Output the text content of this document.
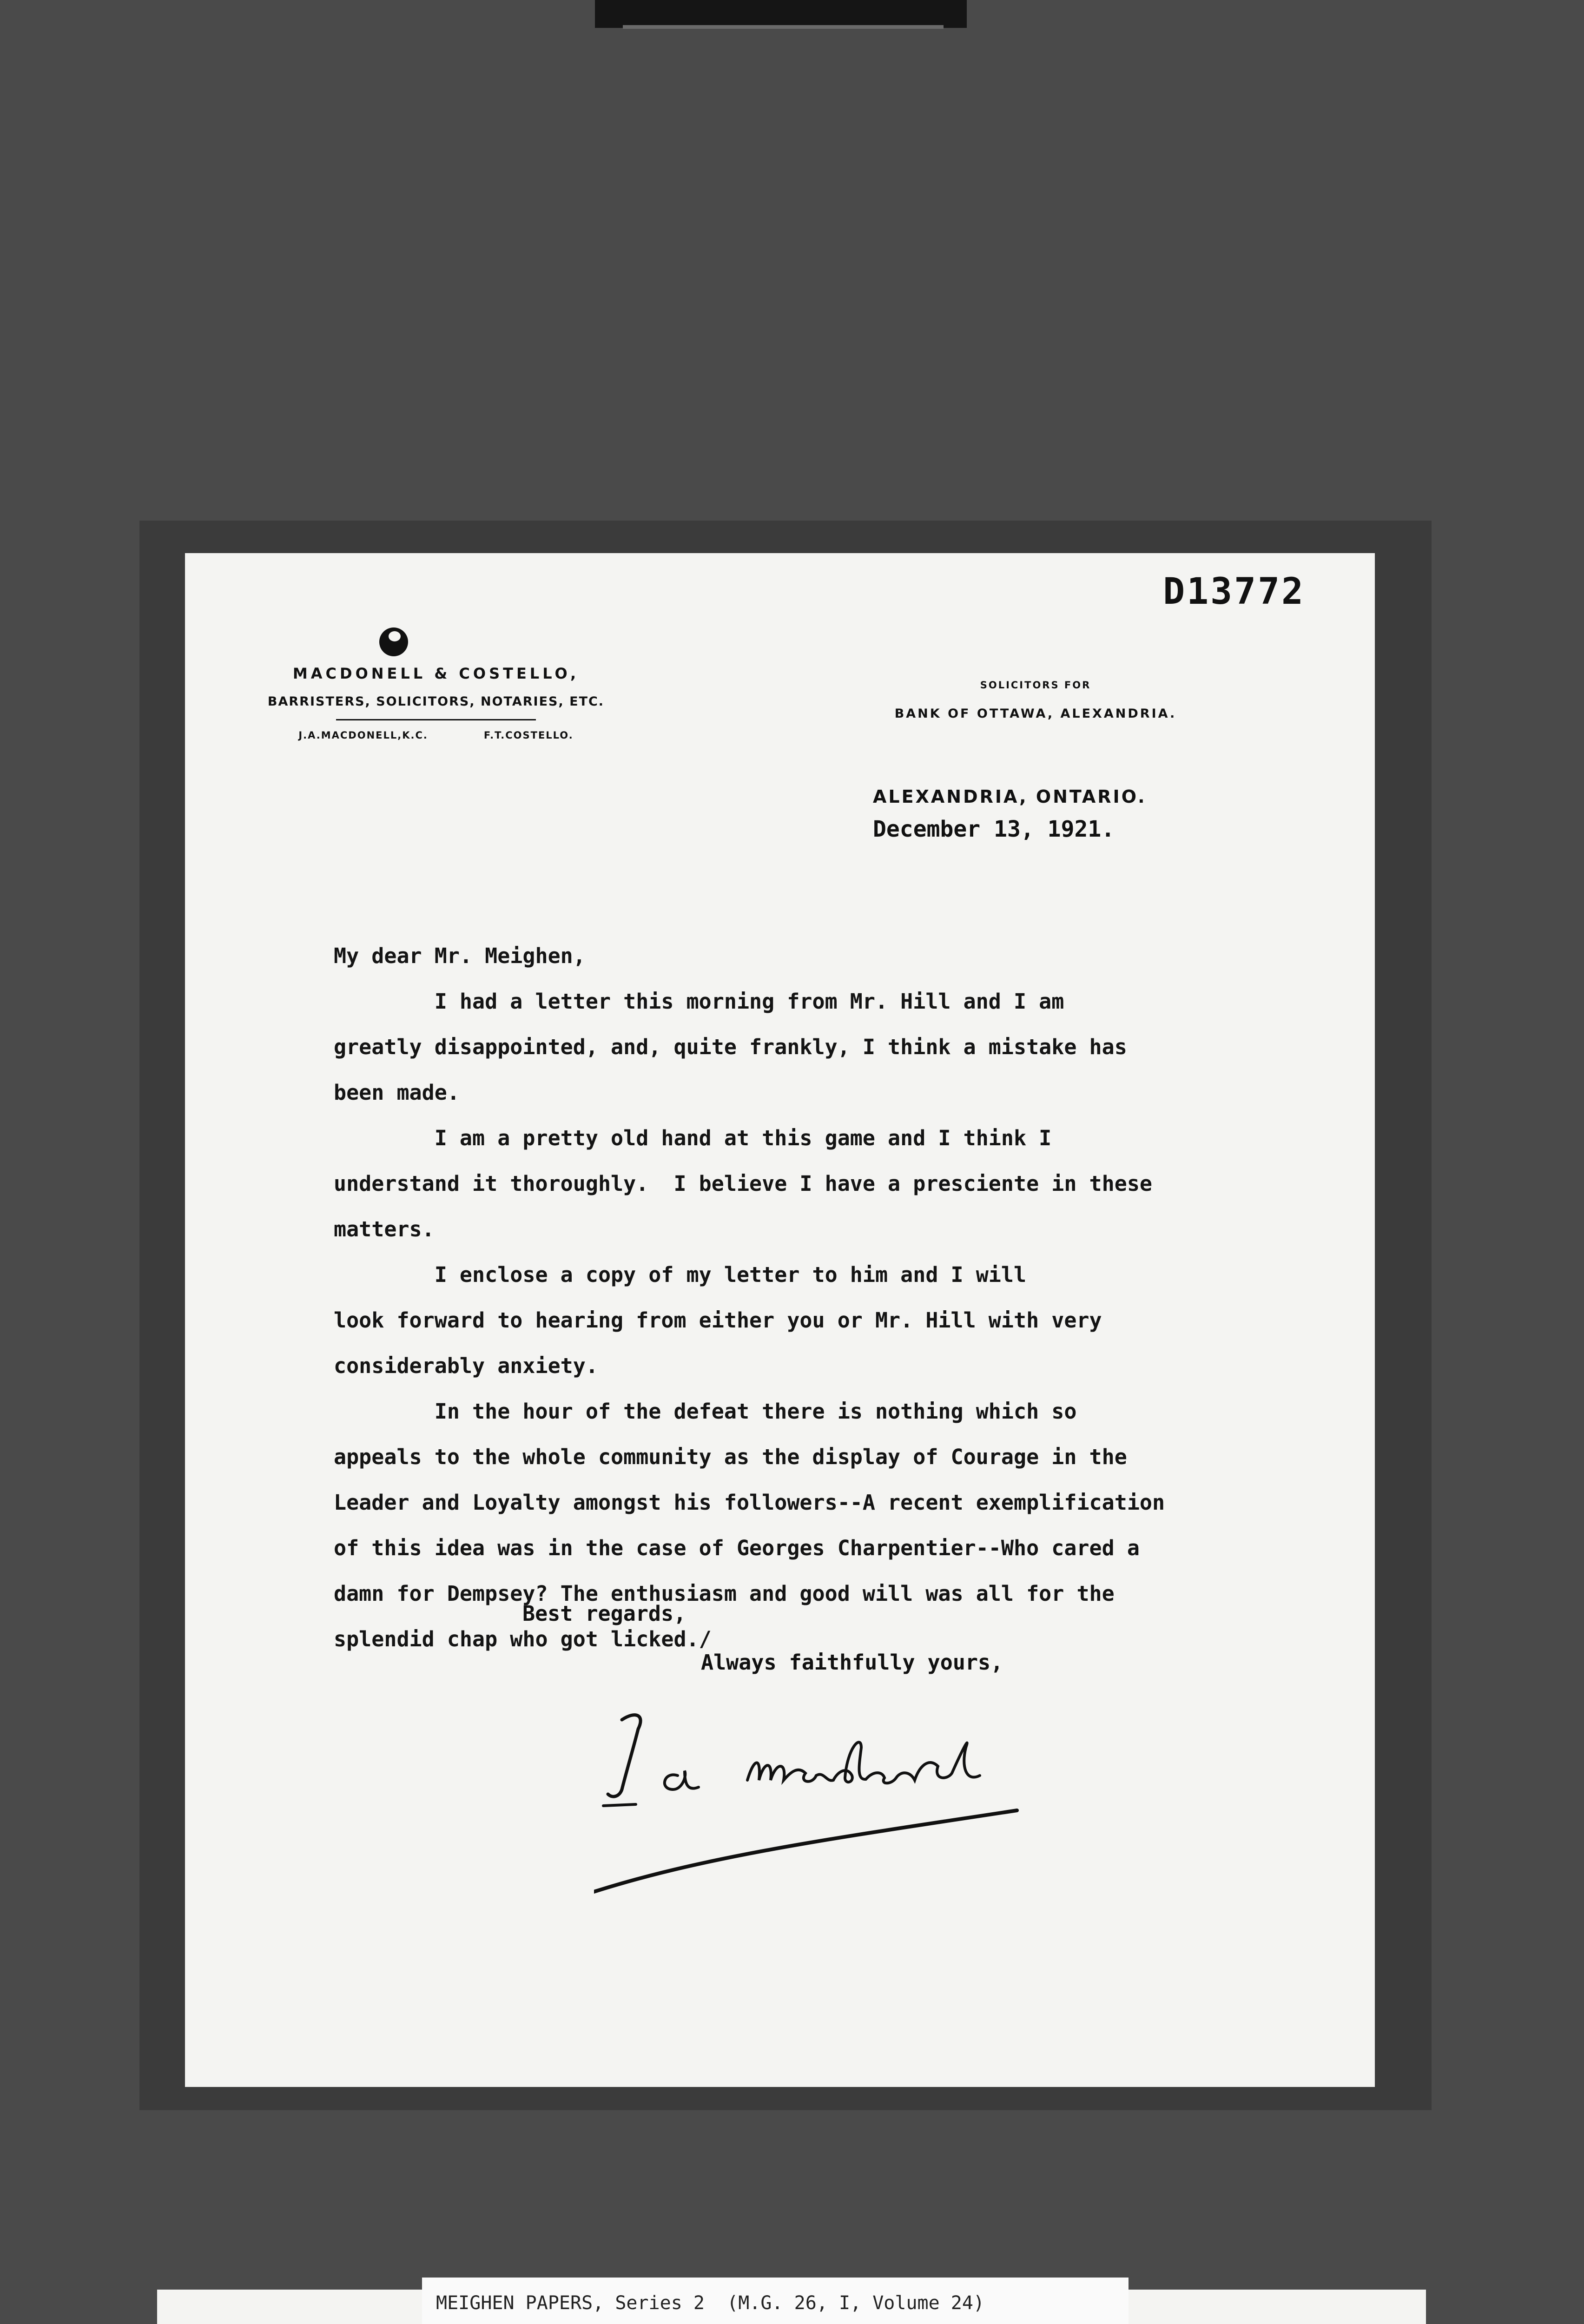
D13772
MACDONELL & COSTELLO,
BARRISTERS, SOLICITORS, NOTARIES, ETC.
J.A.MACDONELL,K.C.	F.T.COSTELLO.
SOLICITORS FOR
BANK OF OTTAWA, ALEXANDRIA.
ALEXANDRIA, ONTARIO.
December 13, 1921.

My dear Mr. Meighen,
I had a letter this morning from Mr. Hill and I am
greatly disappointed, and, quite frankly, I think a mistake has
been made.
I am a pretty old hand at this game and I think I
understand it thoroughly.  I believe I have a presciente in these
matters.
I enclose a copy of my letter to him and I will
look forward to hearing from either you or Mr. Hill with very
considerably anxiety.
In the hour of the defeat there is nothing which so
appeals to the whole community as the display of Courage in the
Leader and Loyalty amongst his followers--A recent exemplification
of this idea was in the case of Georges Charpentier--Who cared a
damn for Dempsey? The enthusiasm and good will was all for the
splendid chap who got licked./

Best regards,
Always faithfully yours,
MEIGHEN PAPERS, Series 2  (M.G. 26, I, Volume 24)
